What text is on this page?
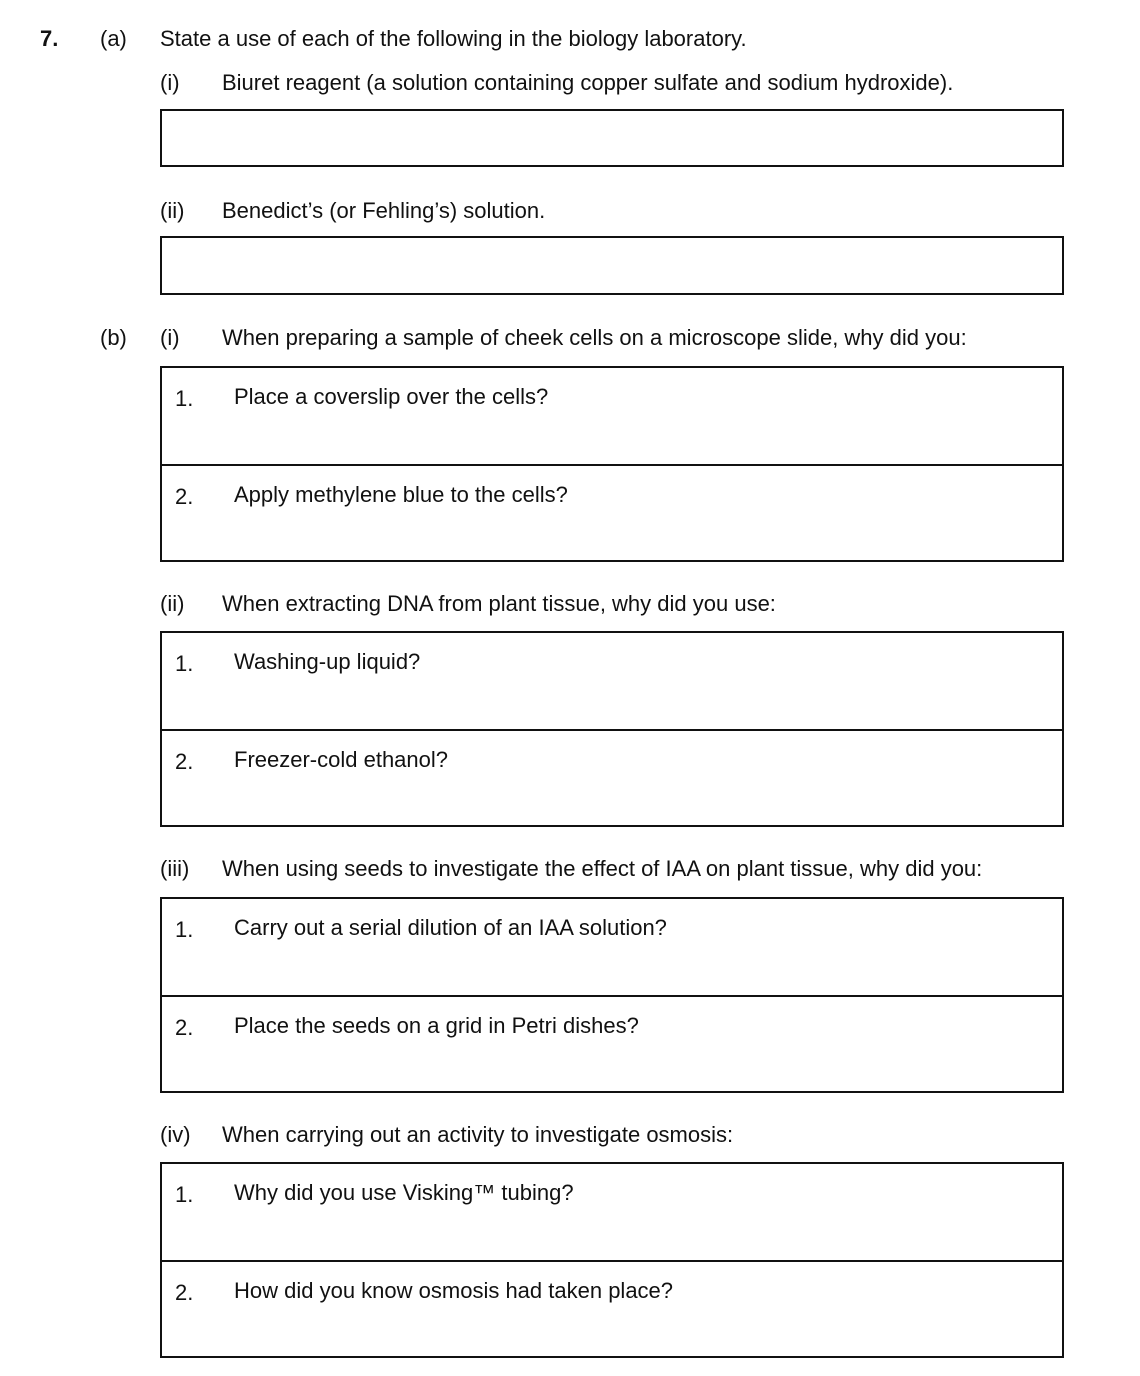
7. (a) State a use of each of the following in the biology laboratory.
(i) Biuret reagent (a solution containing copper sulfate and sodium hydroxide).
(ii) Benedict’s (or Fehling’s) solution.
(b) (i) When preparing a sample of cheek cells on a microscope slide, why did you:
1. Place a coverslip over the cells?
2. Apply methylene blue to the cells?
(ii) When extracting DNA from plant tissue, why did you use:
1. Washing-up liquid?
2. Freezer-cold ethanol?
(iii) When using seeds to investigate the effect of IAA on plant tissue, why did you:
1. Carry out a serial dilution of an IAA solution?
2. Place the seeds on a grid in Petri dishes?
(iv) When carrying out an activity to investigate osmosis:
1. Why did you use Visking™ tubing?
2. How did you know osmosis had taken place?
